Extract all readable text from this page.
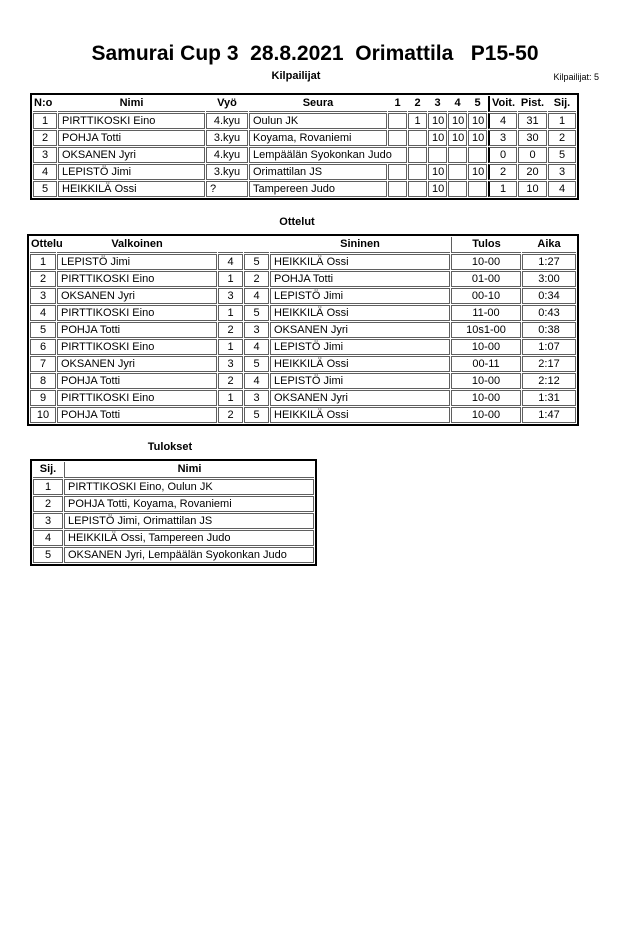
Samurai Cup 3  28.8.2021  Orimattila   P15-50
Kilpailijat	Kilpailijat: 5
N:o	Nimi	Vyö	Seura	1	2	3	4	5	Voit.	Pist.	Sij.
1	PIRTTIKOSKI Eino	4.kyu	Oulun JK		1	10	10	10	4	31	1
2	POHJA Totti	3.kyu	Koyama, Rovaniemi			10	10	10	3	30	2
3	OKSANEN Jyri	4.kyu	Lempäälän Syokonkan Judo						0	0	5
4	LEPISTÖ Jimi	3.kyu	Orimattilan JS			10		10	2	20	3
5	HEIKKILÄ Ossi	?	Tampereen Judo			10			1	10	4
Ottelut
Ottelu	Valkoinen			Sininen	Tulos	Aika
1	LEPISTÖ Jimi	4	5	HEIKKILÄ Ossi	10-00	1:27
2	PIRTTIKOSKI Eino	1	2	POHJA Totti	01-00	3:00
3	OKSANEN Jyri	3	4	LEPISTÖ Jimi	00-10	0:34
4	PIRTTIKOSKI Eino	1	5	HEIKKILÄ Ossi	11-00	0:43
5	POHJA Totti	2	3	OKSANEN Jyri	10s1-00	0:38
6	PIRTTIKOSKI Eino	1	4	LEPISTÖ Jimi	10-00	1:07
7	OKSANEN Jyri	3	5	HEIKKILÄ Ossi	00-11	2:17
8	POHJA Totti	2	4	LEPISTÖ Jimi	10-00	2:12
9	PIRTTIKOSKI Eino	1	3	OKSANEN Jyri	10-00	1:31
10	POHJA Totti	2	5	HEIKKILÄ Ossi	10-00	1:47
Tulokset
Sij.	Nimi
1	PIRTTIKOSKI Eino, Oulun JK
2	POHJA Totti, Koyama, Rovaniemi
3	LEPISTÖ Jimi, Orimattilan JS
4	HEIKKILÄ Ossi, Tampereen Judo
5	OKSANEN Jyri, Lempäälän Syokonkan Judo
